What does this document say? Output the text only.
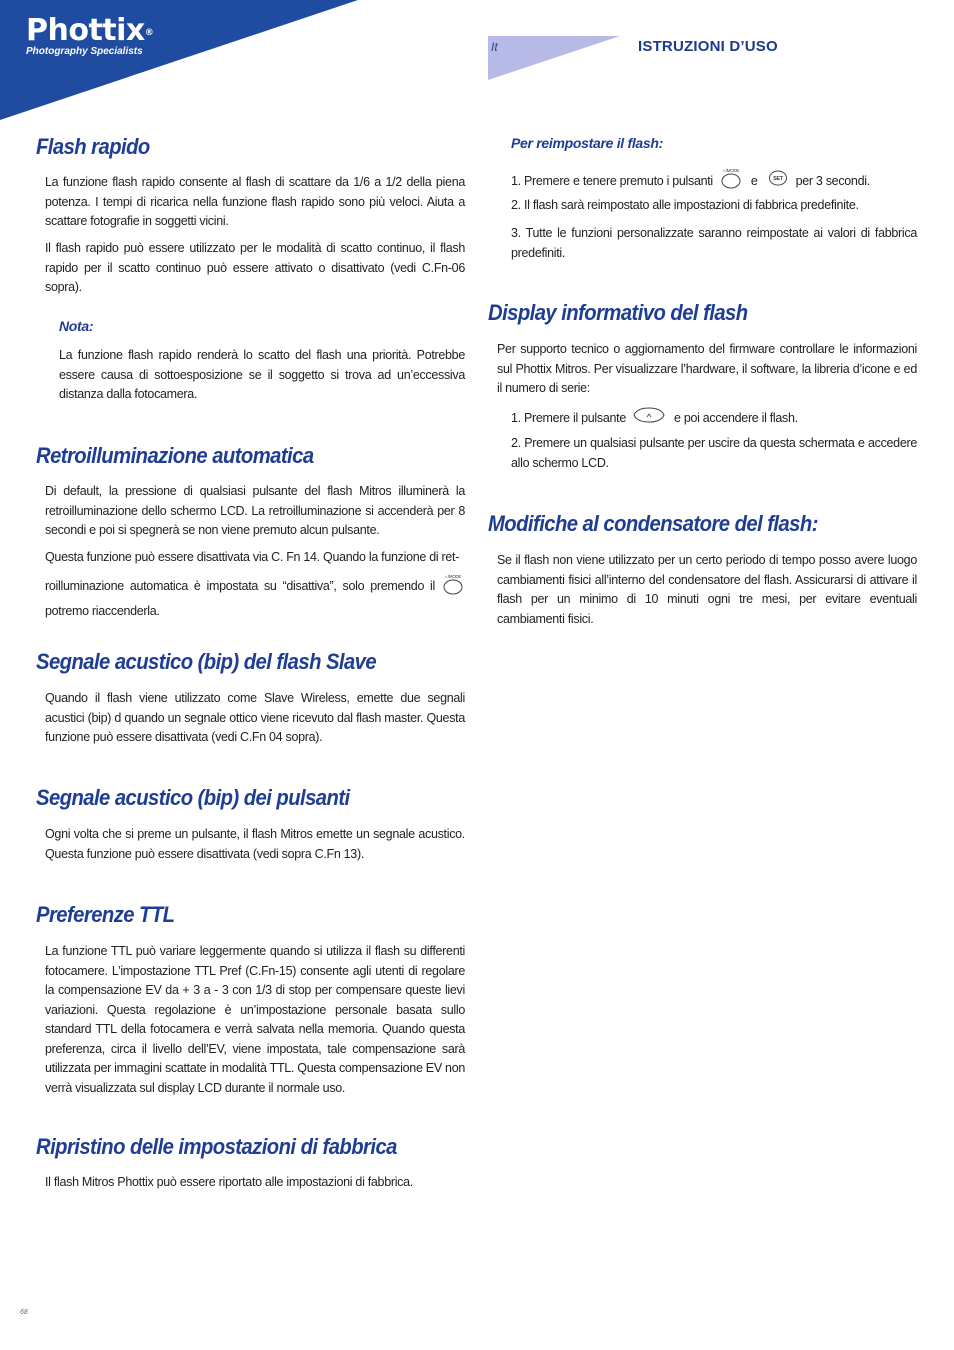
Phottix®
Photography Specialists	It	ISTRUZIONI D’USO
Flash rapido

La funzione flash rapido consente al flash di scattare da 1/6 a 1/2 della piena potenza. I tempi di ricarica nella funzione flash rapido sono più veloci. Aiuta a scattare fotografie in soggetti vicini.

Il flash rapido può essere utilizzato per le modalità di scatto continuo, il flash rapido per il scatto continuo può essere attivato o disattivato (vedi C.Fn-06 sopra).

Nota:

La funzione flash rapido renderà lo scatto del flash una priorità. Potrebbe essere causa di sottoesposizione se il soggetto si trova ad un’eccessiva distanza dalla fotocamera.

Retroilluminazione automatica

Di default, la pressione di qualsiasi pulsante del flash Mitros illuminerà la retroilluminazione dello schermo LCD. La retroilluminazione si accenderà per 8 secondi e poi si spegnerà se non viene premuto alcun pulsante.

Questa funzione può essere disattivata via C. Fn 14. Quando la funzione di ret-
roilluminazione automatica è impostata su “disattiva”, solo premendo il
☼/MODE
potremo riaccenderla.
Segnale acustico (bip) del flash Slave

Quando il flash viene utilizzato come Slave Wireless, emette due segnali acustici (bip) d quando un segnale ottico viene ricevuto dal flash master. Questa funzione può essere disattivata (vedi C.Fn 04 sopra).

Segnale acustico (bip) dei pulsanti

Ogni volta che si preme un pulsante, il flash Mitros emette un segnale acustico. Questa funzione può essere disattivata (vedi sopra C.Fn 13).

Preferenze TTL

La funzione TTL può variare leggermente quando si utilizza il flash su differenti fotocamere. L’impostazione TTL Pref (C.Fn-15) consente agli utenti di regolare la compensazione EV da + 3 a - 3 con 1/3 di stop per compensare queste lievi variazioni. Questa regolazione è un’impostazione personale basata sullo standard TTL della fotocamera e verrà salvata nella memoria. Quando questa preferenza, circa il livello dell’EV, viene impostata, tale compensazione sarà utilizzata per immagini scattate in modalità TTL. Questa compensazione EV non verrà visualizzata sul display LCD durante il normale uso.

Ripristino delle impostazioni di fabbrica

Il flash Mitros Phottix può essere riportato alle impostazioni di fabbrica.

68
Per reimpostare il flash:
1. Premere e tenere premuto i pulsanti
☼/MODE
e	SET per 3 secondi.

2. Il flash sarà reimpostato alle impostazioni di fabbrica predefinite.

3. Tutte le funzioni personalizzate saranno reimpostate ai valori di fabbrica predefiniti.

Display informativo del flash

Per supporto tecnico o aggiornamento del firmware controllare le informazioni sul Phottix Mitros. Per visualizzare l’hardware, il software, la libreria d’icone e ed il numero di serie:

1. Premere il pulsante	e poi accendere il flash.

2. Premere un qualsiasi pulsante per uscire da questa schermata e accedere allo schermo LCD.

Modifiche al condensatore del flash:

Se il flash non viene utilizzato per un certo periodo di tempo posso avere luogo cambiamenti fisici all’interno del condensatore del flash. Assicurarsi di attivare il flash per un minimo di 10 minuti ogni tre mesi, per evitare eventuali cambiamenti fisici.
